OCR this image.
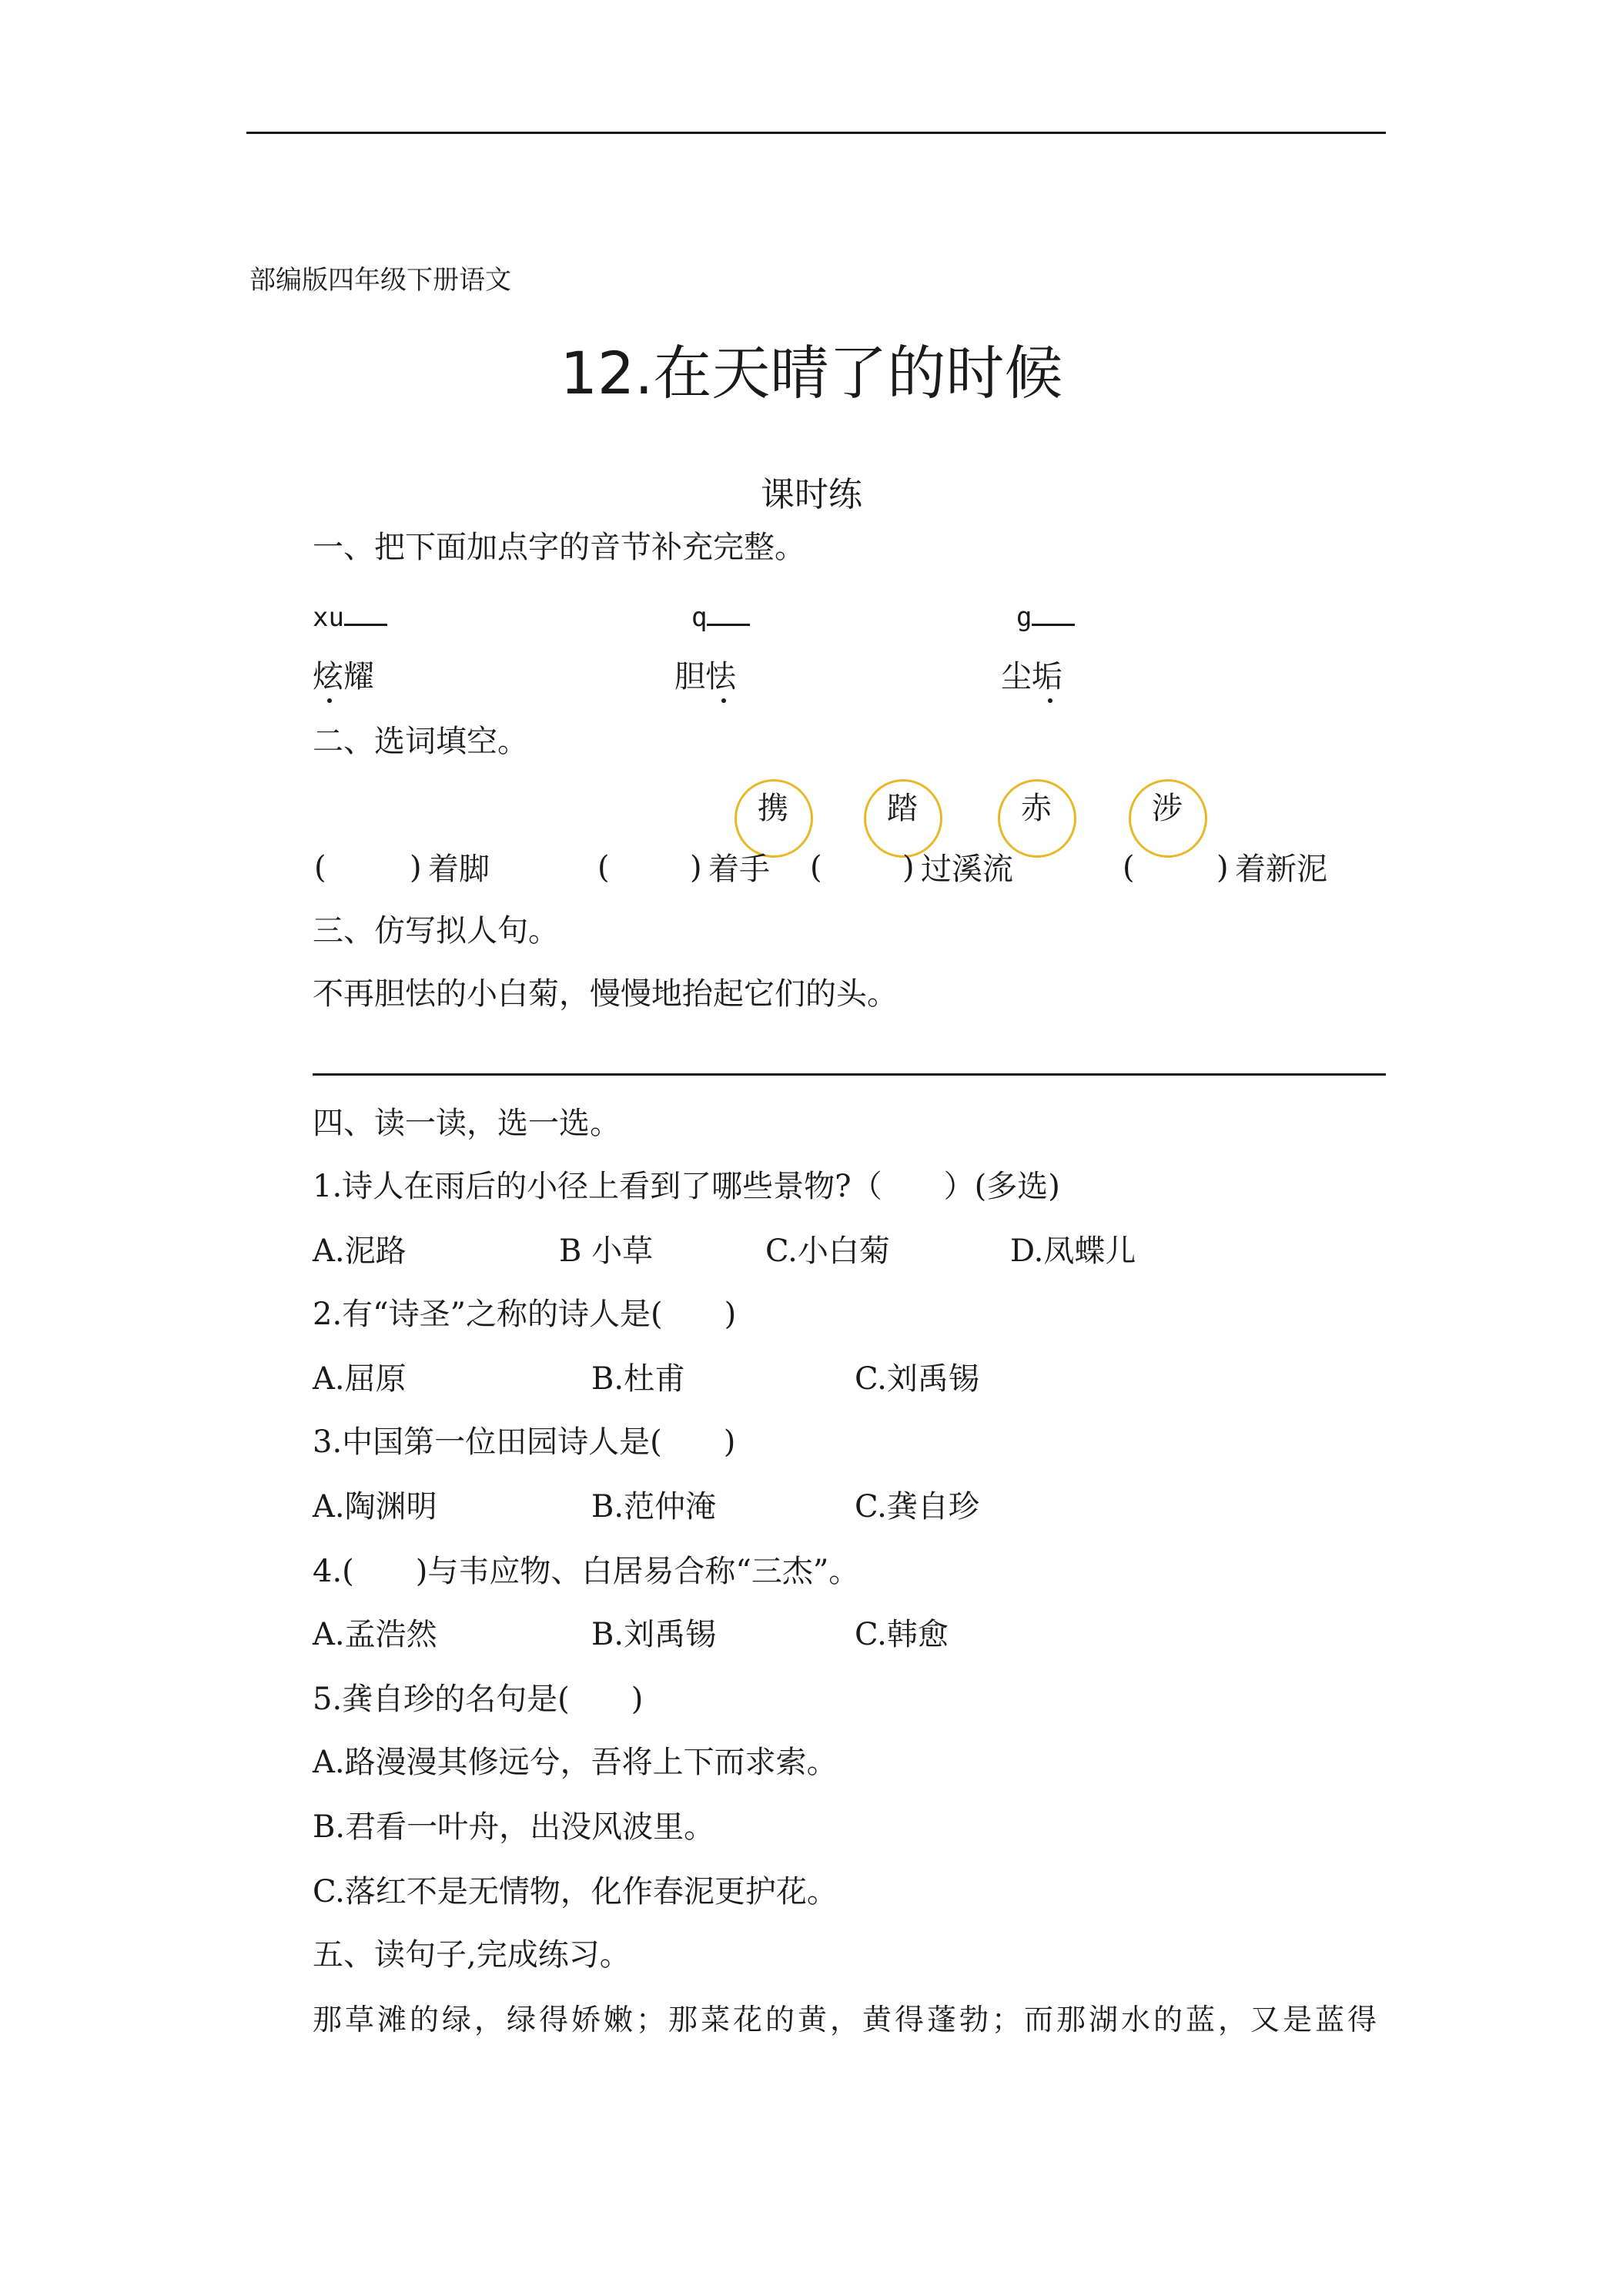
部编版四年级下册语文
12.在天晴了的时候
课时练
一、把下面加点字的音节补充完整。
xu	q	g
炫耀	胆怯	尘垢
二、选词填空。
携	踏	赤	涉
(	) 着脚	(	) 着手 (	) 过溪流	(	) 着新泥
三、仿写拟人句。
不再胆怯的小白菊，慢慢地抬起它们的头。
四、读一读，选一选。
1.诗人在雨后的小径上看到了哪些景物?（　　）(多选)
A.泥路	B 小草	C.小白菊	D.凤蝶儿
2.有“诗圣”之称的诗人是(　　)
A.屈原	B.杜甫	C.刘禹锡
3.中国第一位田园诗人是(　　)
A.陶渊明	B.范仲淹	C.龚自珍
4.(　　)与韦应物、白居易合称“三杰”。
A.孟浩然	B.刘禹锡	C.韩愈
5.龚自珍的名句是(　　)
A.路漫漫其修远兮，吾将上下而求索。
B.君看一叶舟，出没风波里。
C.落红不是无情物，化作春泥更护花。
五、读句子,完成练习。
那草滩的绿，绿得娇嫩；那菜花的黄，黄得蓬勃；而那湖水的蓝，又是蓝得
